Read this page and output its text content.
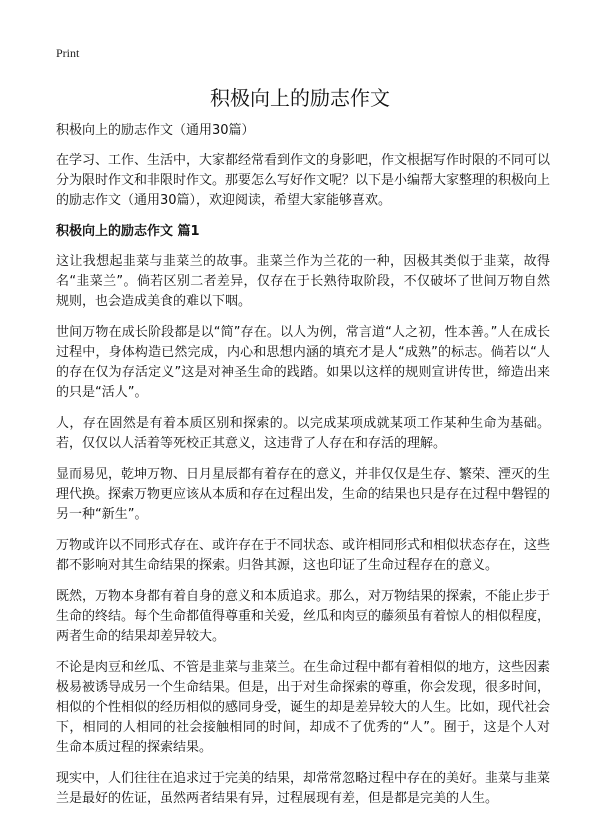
Print
积极向上的励志作文

积极向上的励志作文（通用30篇）

在学习、工作、生活中，大家都经常看到作文的身影吧，作文根据写作时限的不同可以分为限时作文和非限时作文。那要怎么写好作文呢？以下是小编帮大家整理的积极向上的励志作文（通用30篇），欢迎阅读，希望大家能够喜欢。

积极向上的励志作文 篇1

这让我想起韭菜与韭菜兰的故事。韭菜兰作为兰花的一种，因极其类似于韭菜，故得名“韭菜兰”。倘若区别二者差异，仅存在于长熟待取阶段，不仅破坏了世间万物自然规则，也会造成美食的难以下咽。

世间万物在成长阶段都是以“简”存在。以人为例，常言道“人之初，性本善。”人在成长过程中，身体构造已然完成，内心和思想内涵的填充才是人“成熟”的标志。倘若以“人的存在仅为存活定义”这是对神圣生命的践踏。如果以这样的规则宣讲传世，缔造出来的只是“活人”。

人，存在固然是有着本质区别和探索的。以完成某项成就某项工作某种生命为基础。若，仅仅以人活着等死校正其意义，这违背了人存在和存活的理解。

显而易见，乾坤万物、日月星辰都有着存在的意义，并非仅仅是生存、繁荣、湮灭的生理代换。探索万物更应该从本质和存在过程出发，生命的结果也只是存在过程中磐锃的另一种“新生”。

万物或许以不同形式存在、或许存在于不同状态、或许相同形式和相似状态存在，这些都不影响对其生命结果的探索。归咎其源，这也印证了生命过程存在的意义。

既然，万物本身都有着自身的意义和本质追求。那么，对万物结果的探索，不能止步于生命的终结。每个生命都值得尊重和关爱，丝瓜和肉豆的藤须虽有着惊人的相似程度，两者生命的结果却差异较大。

不论是肉豆和丝瓜、不管是韭菜与韭菜兰。在生命过程中都有着相似的地方，这些因素极易被诱导成另一个生命结果。但是，出于对生命探索的尊重，你会发现，很多时间，相似的个性相似的经历相似的感同身受，诞生的却是差异较大的人生。比如，现代社会下，相同的人相同的社会接触相同的时间，却成不了优秀的“人”。囿于，这是个人对生命本质过程的探索结果。

现实中，人们往往在追求过于完美的结果，却常常忽略过程中存在的美好。韭菜与韭菜兰是最好的佐证，虽然两者结果有异，过程展现有差，但是都是完美的人生。
